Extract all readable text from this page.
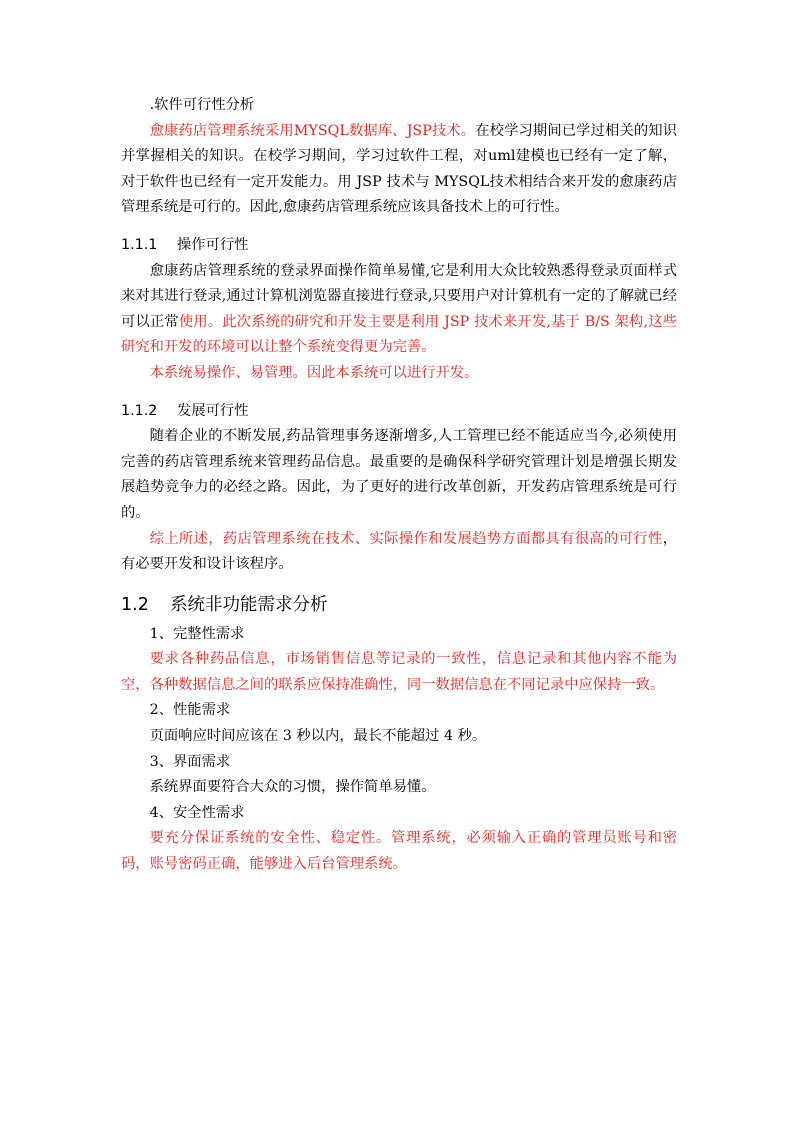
.软件可行性分析

愈康药店管理系统采用MYSQL数据库、JSP技术。在校学习期间已学过相关的知识并掌握相关的知识。在校学习期间，学习过软件工程，对uml建模也已经有一定了解，对于软件也已经有一定开发能力。用 JSP 技术与 MYSQL技术相结合来开发的愈康药店管理系统是可行的。因此,愈康药店管理系统应该具备技术上的可行性。

1.1.1 操作可行性

愈康药店管理系统的登录界面操作简单易懂,它是利用大众比较熟悉得登录页面样式来对其进行登录,通过计算机浏览器直接进行登录,只要用户对计算机有一定的了解就已经可以正常使用。此次系统的研究和开发主要是利用 JSP 技术来开发,基于 B/S 架构,这些研究和开发的环境可以让整个系统变得更为完善。

本系统易操作、易管理。因此本系统可以进行开发。

1.1.2 发展可行性

随着企业的不断发展,药品管理事务逐渐增多,人工管理已经不能适应当今,必须使用完善的药店管理系统来管理药品信息。最重要的是确保科学研究管理计划是增强长期发展趋势竞争力的必经之路。因此，为了更好的进行改革创新，开发药店管理系统是可行的。

综上所述，药店管理系统在技术、实际操作和发展趋势方面都具有很高的可行性，有必要开发和设计该程序。

1.2 系统非功能需求分析

1、完整性需求

要求各种药品信息，市场销售信息等记录的一致性，信息记录和其他内容不能为空，各种数据信息之间的联系应保持准确性，同一数据信息在不同记录中应保持一致。

2、性能需求

页面响应时间应该在 3 秒以内，最长不能超过 4 秒。

3、界面需求

系统界面要符合大众的习惯，操作简单易懂。

4、安全性需求

要充分保证系统的安全性、稳定性。管理系统，必须输入正确的管理员账号和密码，账号密码正确，能够进入后台管理系统。
